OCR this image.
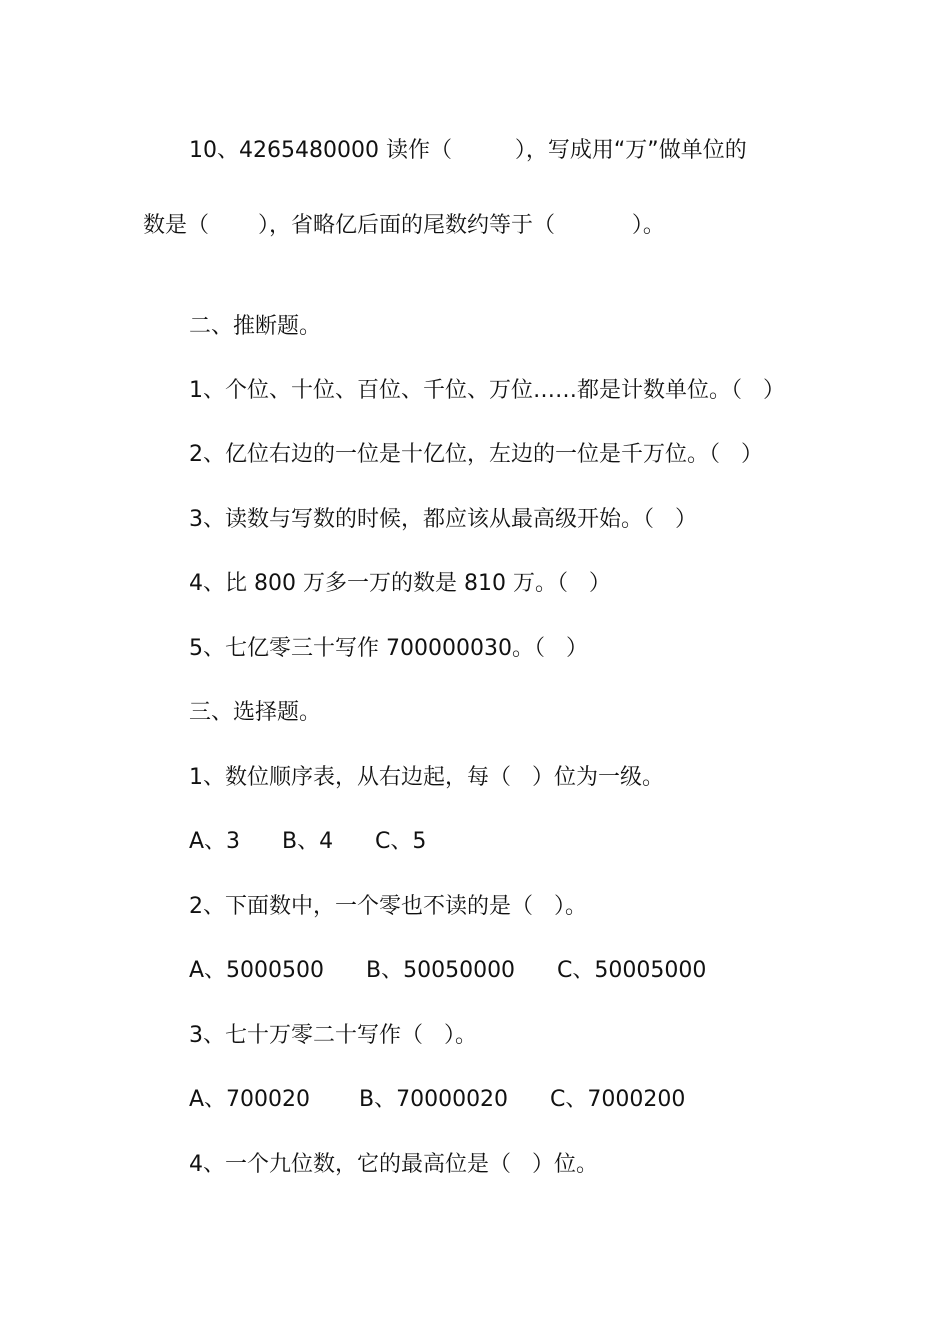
10、4265480000 读作（         ），写成用“万”做单位的
数是（       ），省略亿后面的尾数约等于（           ）。
二、推断题。
1、个位、十位、百位、千位、万位……都是计数单位。（   ）
2、亿位右边的一位是十亿位，左边的一位是千万位。（   ）
3、读数与写数的时候，都应该从最高级开始。（   ）
4、比 800 万多一万的数是 810 万。（   ）
5、七亿零三十写作 700000030。（   ）
三、选择题。
1、数位顺序表，从右边起，每（   ）位为一级。
A、3      B、4      C、5
2、下面数中，一个零也不读的是（   ）。
A、5000500      B、50050000      C、50005000
3、七十万零二十写作（   ）。
A、700020       B、70000020      C、7000200
4、一个九位数，它的最高位是（   ）位。
